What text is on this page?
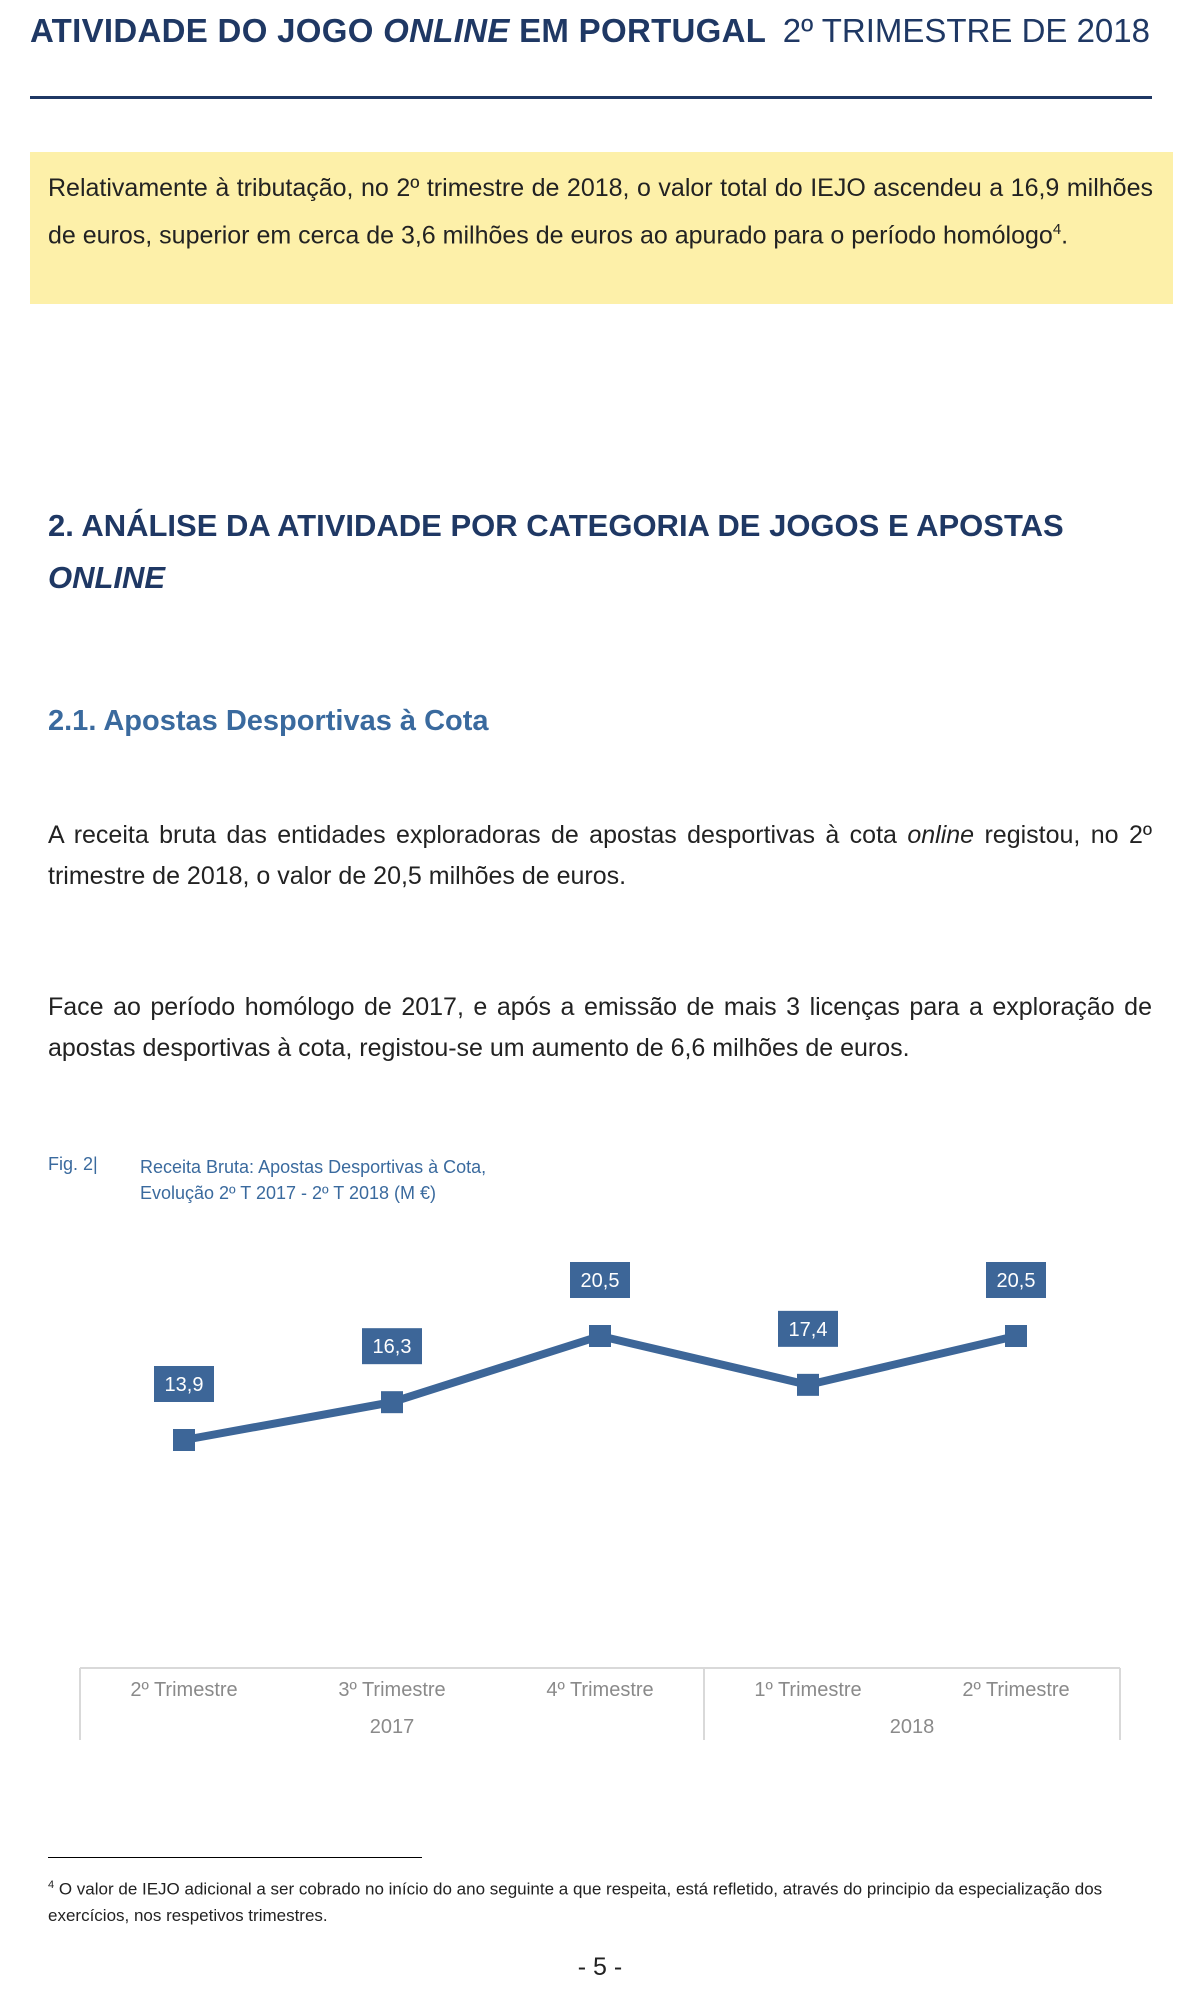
ATIVIDADE DO JOGO ONLINE EM PORTUGAL 2º TRIMESTRE DE 2018
Relativamente à tributação, no 2º trimestre de 2018, o valor total do IEJO ascendeu a 16,9 milhões de euros, superior em cerca de 3,6 milhões de euros ao apurado para o período homólogo$^4$.
2. ANÁLISE DA ATIVIDADE POR CATEGORIA DE JOGOS E APOSTAS
ONLINE
2.1. Apostas Desportivas à Cota
A receita bruta das entidades exploradoras de apostas desportivas à cota online registou, no 2º trimestre de 2018, o valor de 20,5 milhões de euros.
Face ao período homólogo de 2017, e após a emissão de mais 3 licenças para a exploração de apostas desportivas à cota, registou-se um aumento de 6,6 milhões de euros.
Fig. 2| Receita Bruta: Apostas Desportivas à Cota,
Evolução 2º T 2017 - 2º T 2018 (M €)
13,9
16,3
20,5
17,4
20,5
2º Trimestre	3º Trimestre	4º Trimestre	1º Trimestre	2º Trimestre
2017	2018
$^4$ O valor de IEJO adicional a ser cobrado no início do ano seguinte a que respeita, está refletido, através do principio da especialização dos exercícios, nos respetivos trimestres.
- 5 -
